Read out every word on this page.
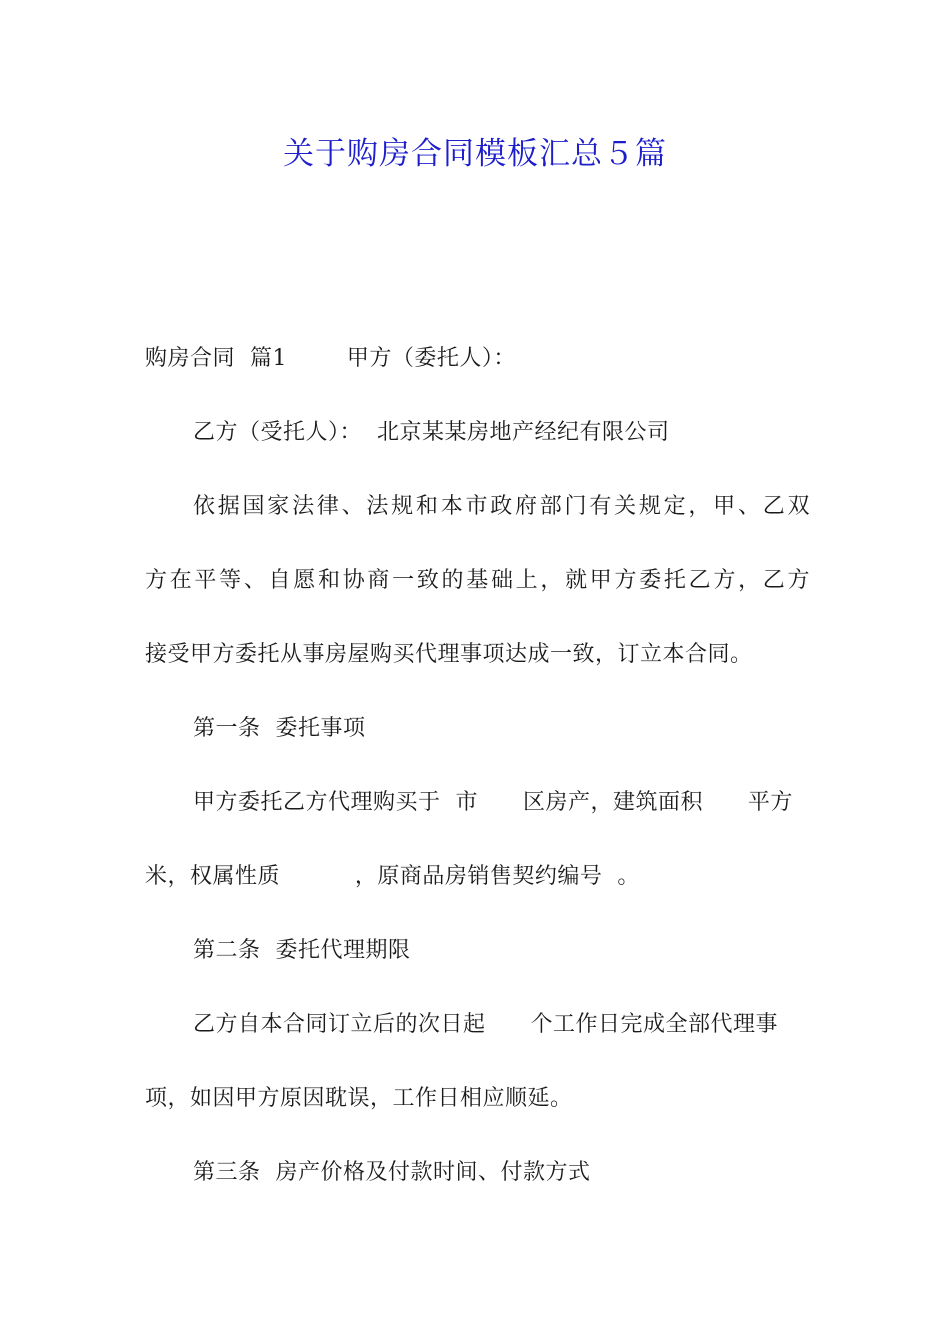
关于购房合同模板汇总５篇

购房合同  篇1        甲方（委托人）：

乙方（受托人）：  北京某某房地产经纪有限公司

依据国家法律、法规和本市政府部门有关规定，甲、乙双

方在平等、自愿和协商一致的基础上，就甲方委托乙方，乙方

接受甲方委托从事房屋购买代理事项达成一致，订立本合同。

第一条  委托事项

甲方委托乙方代理购买于  市      区房产，建筑面积      平方

米，权属性质          ，原商品房销售契约编号  。

第二条  委托代理期限

乙方自本合同订立后的次日起      个工作日完成全部代理事

项，如因甲方原因耽误，工作日相应顺延。

第三条  房产价格及付款时间、付款方式
